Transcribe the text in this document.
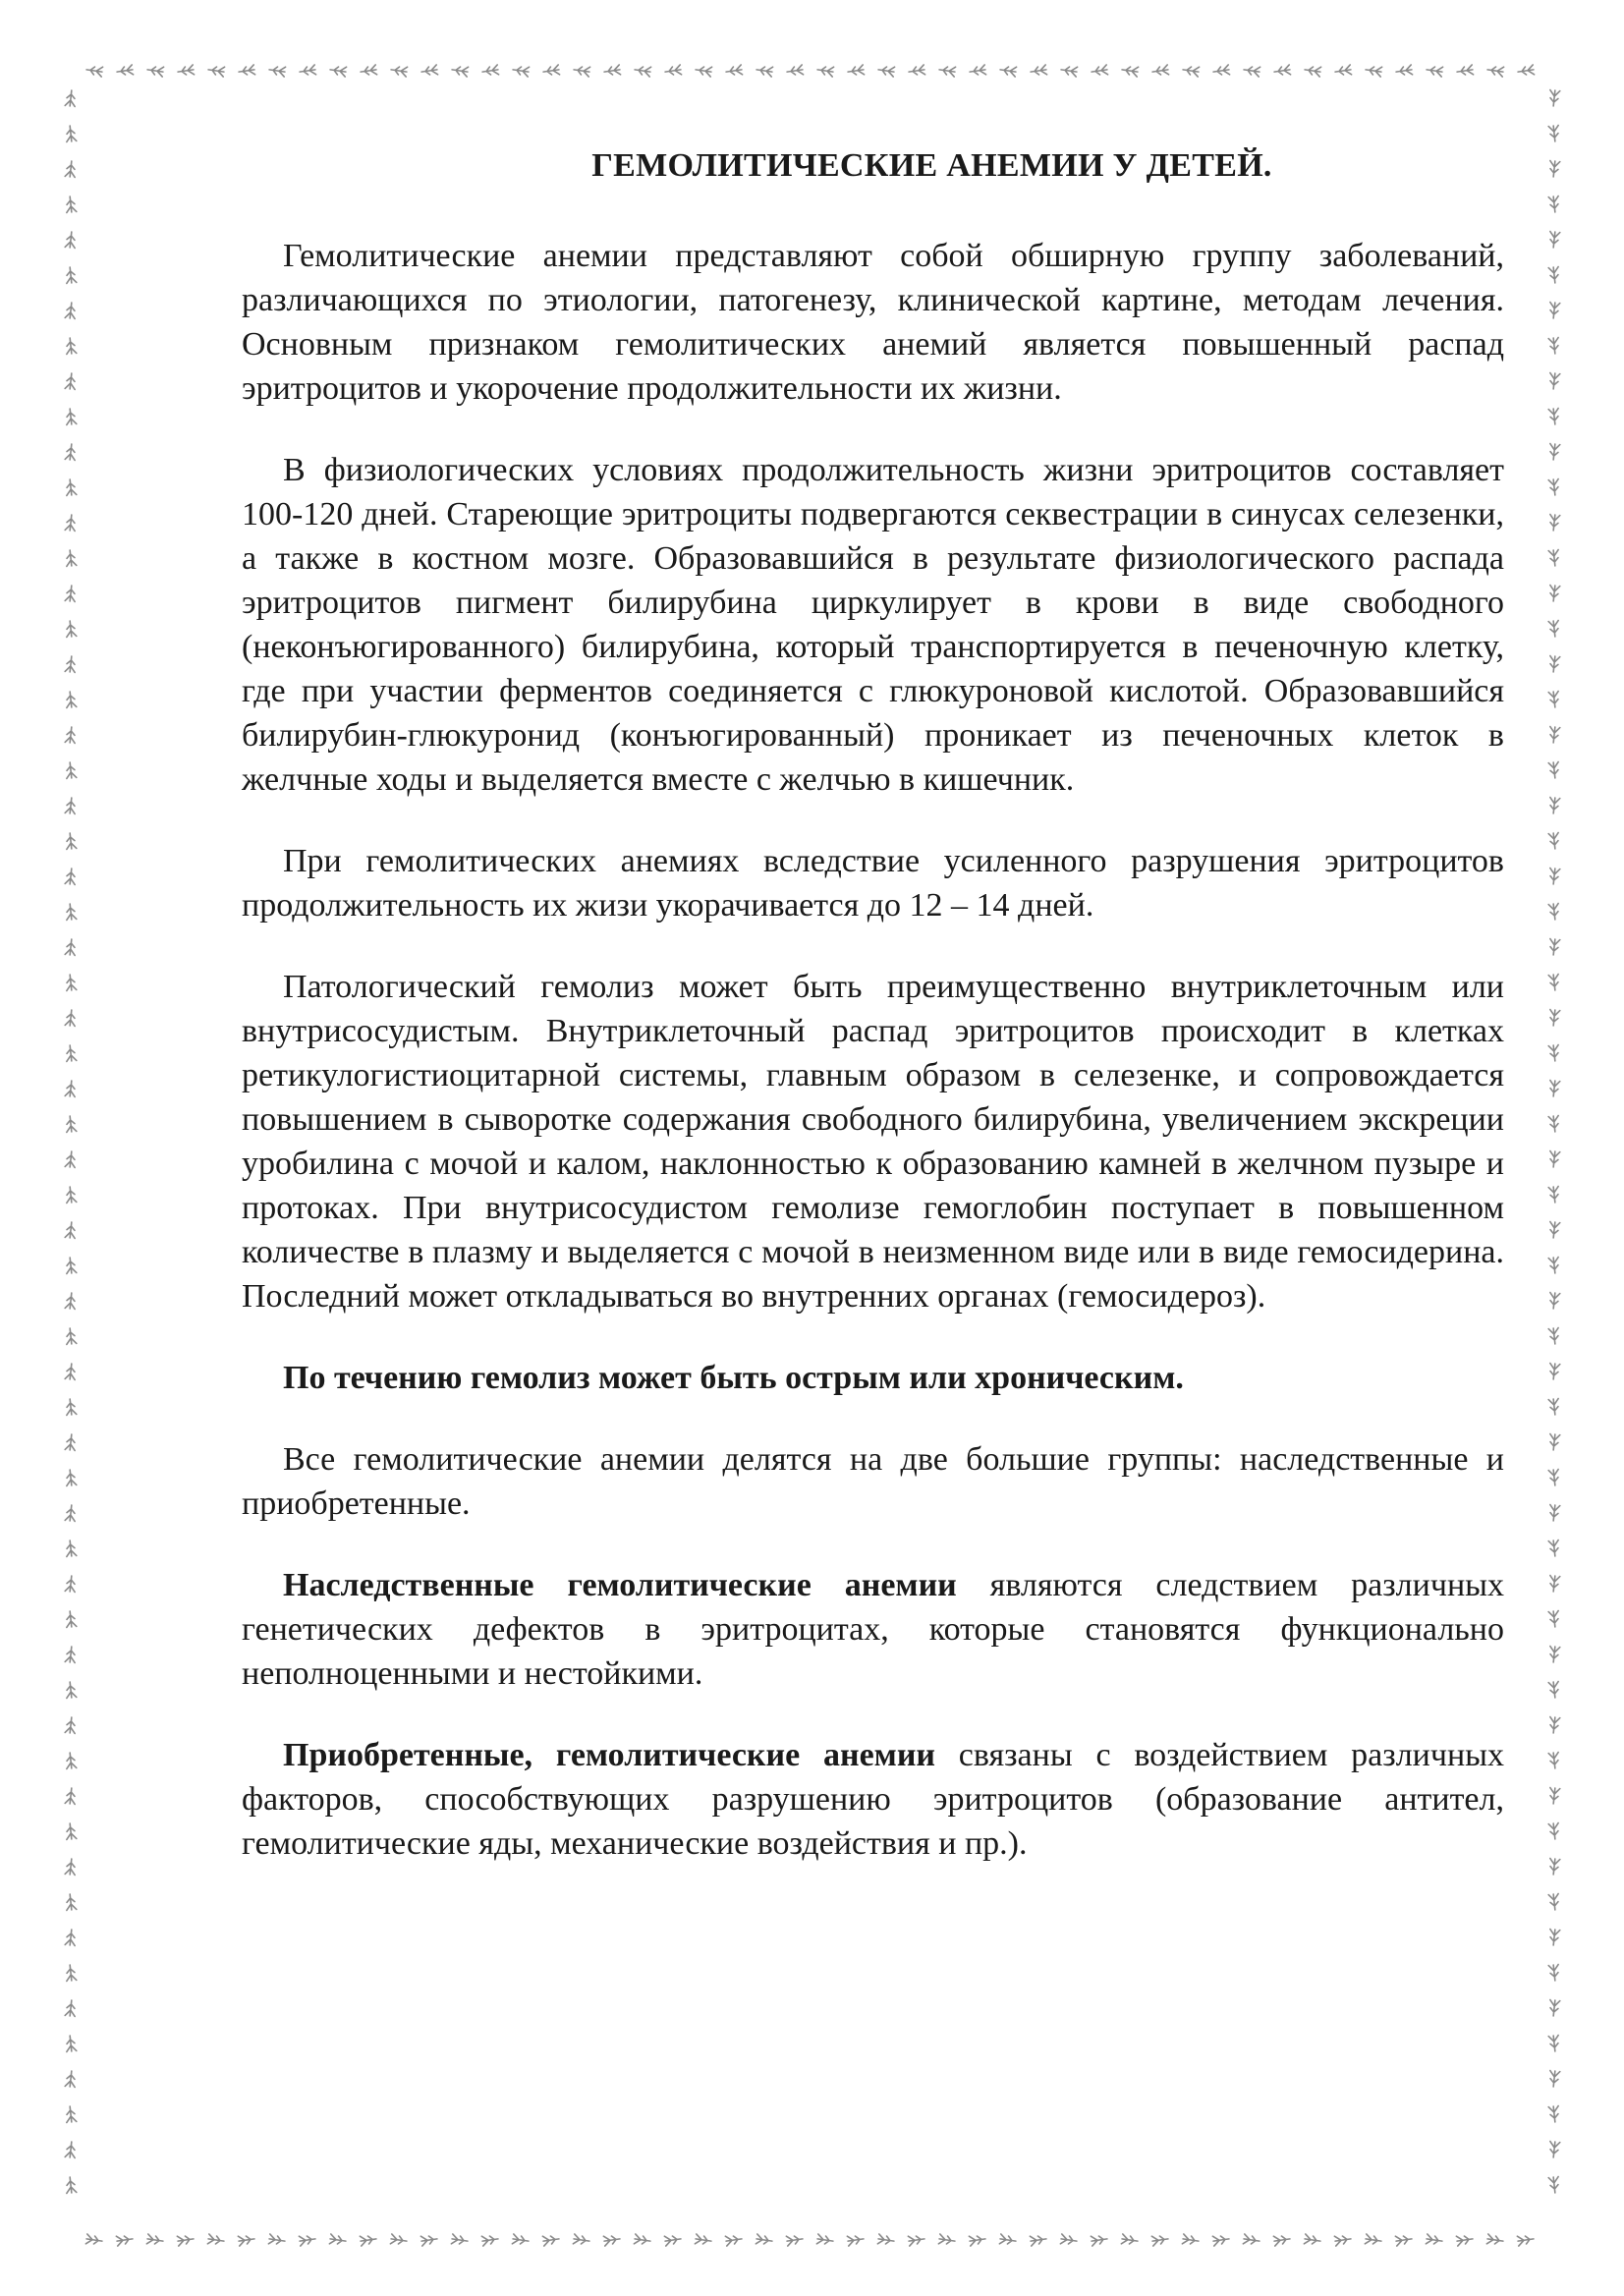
ГЕМОЛИТИЧЕСКИЕ АНЕМИИ У ДЕТЕЙ.

Гемолитические анемии представляют собой обширную группу заболеваний, различающихся по этиологии, патогенезу, клинической картине, методам лечения. Основным признаком гемолитических анемий является повышенный распад эритроцитов и укорочение продолжительности их жизни.

В физиологических условиях продолжительность жизни эритроцитов составляет 100-120 дней. Стареющие эритроциты подвергаются секвестрации в синусах селезенки, а также в костном мозге. Образовавшийся в результате физиологического распада эритроцитов пигмент билирубина циркулирует в крови в виде свободного (неконъюгированного) билирубина, который транспортируется в печеночную клетку, где при участии ферментов соединяется с глюкуроновой кислотой. Образовавшийся билирубин-глюкуронид (конъюгированный) проникает из печеночных клеток в желчные ходы и выделяется вместе с желчью в кишечник.

При гемолитических анемиях вследствие усиленного разрушения эритроцитов продолжительность их жизи укорачивается до 12 – 14 дней.

Патологический гемолиз может быть преимущественно внутриклеточным или внутрисосудистым. Внутриклеточный распад эритроцитов происходит в клетках ретикулогистиоцитарной системы, главным образом в селезенке, и сопровождается повышением в сыворотке содержания свободного билирубина, увеличением экскреции уробилина с мочой и калом, наклонностью к образованию камней в желчном пузыре и протоках. При внутрисосудистом гемолизе гемоглобин поступает в повышенном количестве в плазму и выделяется с мочой в неизменном виде или в виде гемосидерина. Последний может откладываться во внутренних органах (гемосидероз).

По течению гемолиз может быть острым или хроническим.

Все гемолитические анемии делятся на две большие группы: наследственные и приобретенные.

Наследственные гемолитические анемии являются следствием различных генетических дефектов в эритроцитах, которые становятся функционально неполноценными и нестойкими.

Приобретенные, гемолитические анемии связаны с воздействием различных факторов, способствующих разрушению эритроцитов (образование антител, гемолитические яды, механические воздействия и пр.).
